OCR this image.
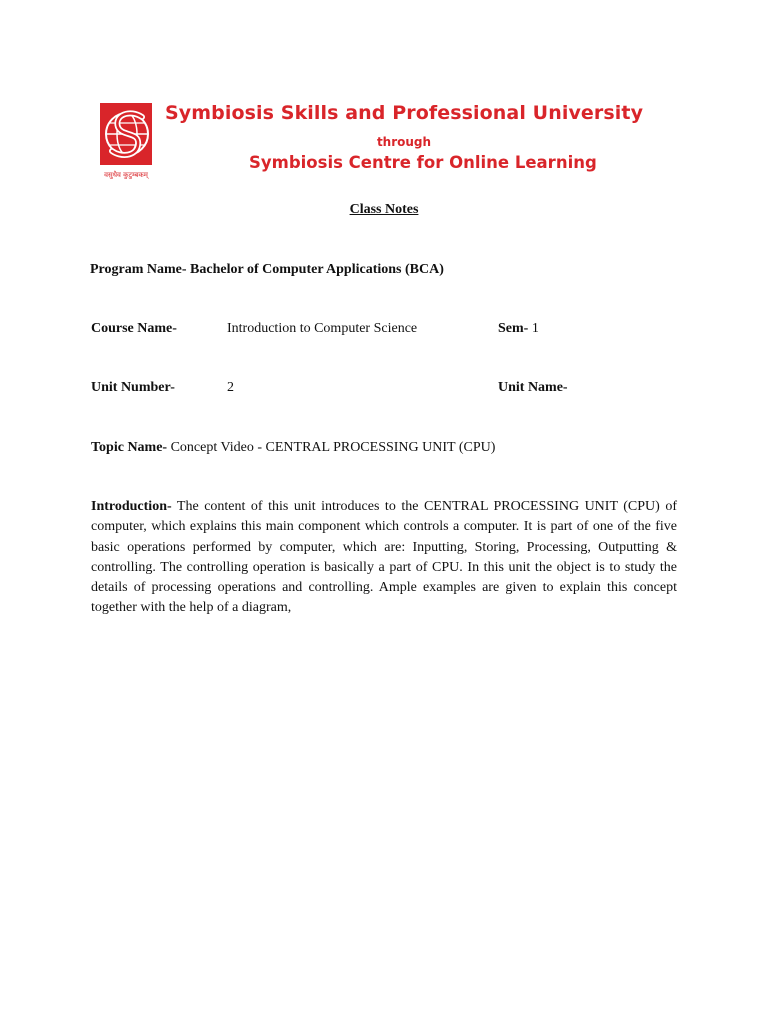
वसुधैव कुटुम्बकम्
Symbiosis Skills and Professional University
through
Symbiosis Centre for Online Learning
Class Notes
Program Name- Bachelor of Computer Applications (BCA)
Course Name-	Introduction to Computer Science	Sem- 1
Unit Number-	2	Unit Name-
Topic Name- Concept Video - CENTRAL PROCESSING UNIT (CPU)
Introduction- The content of this unit introduces to the CENTRAL PROCESSING UNIT (CPU) of computer, which explains this main component which controls a computer. It is part of one of the five basic operations performed by computer, which are: Inputting, Storing, Processing, Outputting & controlling. The controlling operation is basically a part of CPU. In this unit the object is to study the details of processing operations and controlling. Ample examples are given to explain this concept together with the help of a diagram,
